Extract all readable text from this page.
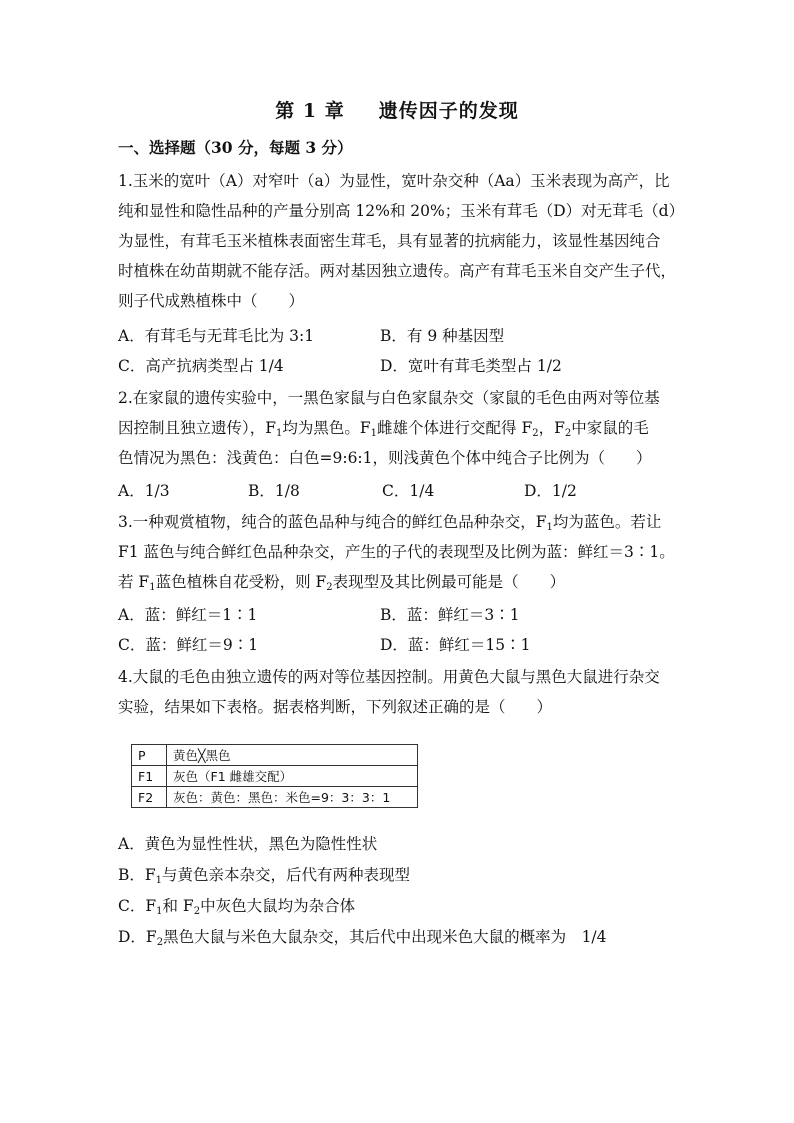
第 1 章 遗传因子的发现
一、选择题（30 分，每题 3 分）
1.玉米的宽叶（A）对窄叶（a）为显性，宽叶杂交种（Aa）玉米表现为高产，比
纯和显性和隐性品种的产量分别高 12%和 20%；玉米有茸毛（D）对无茸毛（d）
为显性，有茸毛玉米植株表面密生茸毛，具有显著的抗病能力，该显性基因纯合
时植株在幼苗期就不能存活。两对基因独立遗传。高产有茸毛玉米自交产生子代，
则子代成熟植株中（　　）
A．有茸毛与无茸毛比为 3:1	B．有 9 种基因型
C．高产抗病类型占 1/4	D．宽叶有茸毛类型占 1/2
2.在家鼠的遗传实验中，一黑色家鼠与白色家鼠杂交（家鼠的毛色由两对等位基
因控制且独立遗传），$F_1$均为黑色。$F_1$雌雄个体进行交配得 $F_2$，$F_2$中家鼠的毛
色情况为黑色：浅黄色：白色=9:6:1，则浅黄色个体中纯合子比例为（　　）
A．1/3	B．1/8	C．1/4	D．1/2
3.一种观赏植物，纯合的蓝色品种与纯合的鲜红色品种杂交，$F_1$均为蓝色。若让
F1 蓝色与纯合鲜红色品种杂交，产生的子代的表现型及比例为蓝：鲜红＝3∶1。
若 $F_1$蓝色植株自花受粉，则 $F_2$表现型及其比例最可能是（　　）
A．蓝：鲜红＝1∶1	B．蓝：鲜红＝3∶1
C．蓝：鲜红＝9∶1	D．蓝：鲜红＝15∶1
4.大鼠的毛色由独立遗传的两对等位基因控制。用黄色大鼠与黑色大鼠进行杂交
实验，结果如下表格。据表格判断，下列叙述正确的是（　　）
P	黄色╳黑色
F1	灰色（F1 雌雄交配）
F2	灰色：黄色：黑色：米色=9：3：3：1
A．黄色为显性性状，黑色为隐性性状
B．$F_1$与黄色亲本杂交，后代有两种表现型
C．$F_1$和 $F_2$中灰色大鼠均为杂合体
D．$F_2$黑色大鼠与米色大鼠杂交，其后代中出现米色大鼠的概率为　1/4
